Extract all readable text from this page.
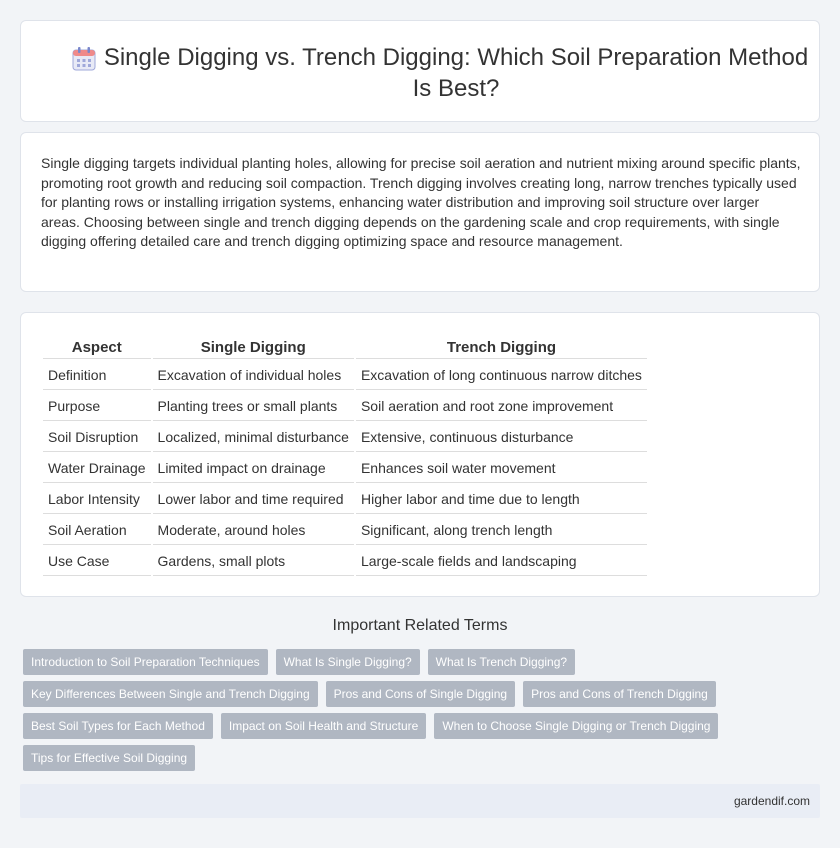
Single Digging vs. Trench Digging: Which Soil Preparation Method Is Best?

Single digging targets individual planting holes, allowing for precise soil aeration and nutrient mixing around specific plants, promoting root growth and reducing soil compaction. Trench digging involves creating long, narrow trenches typically used for planting rows or installing irrigation systems, enhancing water distribution and improving soil structure over larger areas. Choosing between single and trench digging depends on the gardening scale and crop requirements, with single digging offering detailed care and trench digging optimizing space and resource management.

Aspect	Single Digging	Trench Digging
Definition	Excavation of individual holes	Excavation of long continuous narrow ditches
Purpose	Planting trees or small plants	Soil aeration and root zone improvement
Soil Disruption	Localized, minimal disturbance	Extensive, continuous disturbance
Water Drainage	Limited impact on drainage	Enhances soil water movement
Labor Intensity	Lower labor and time required	Higher labor and time due to length
Soil Aeration	Moderate, around holes	Significant, along trench length
Use Case	Gardens, small plots	Large-scale fields and landscaping
Important Related Terms
Introduction to Soil Preparation Techniques	What Is Single Digging?	What Is Trench Digging?
Key Differences Between Single and Trench Digging	Pros and Cons of Single Digging	Pros and Cons of Trench Digging
Best Soil Types for Each Method	Impact on Soil Health and Structure	When to Choose Single Digging or Trench Digging
Tips for Effective Soil Digging
gardendif.com
